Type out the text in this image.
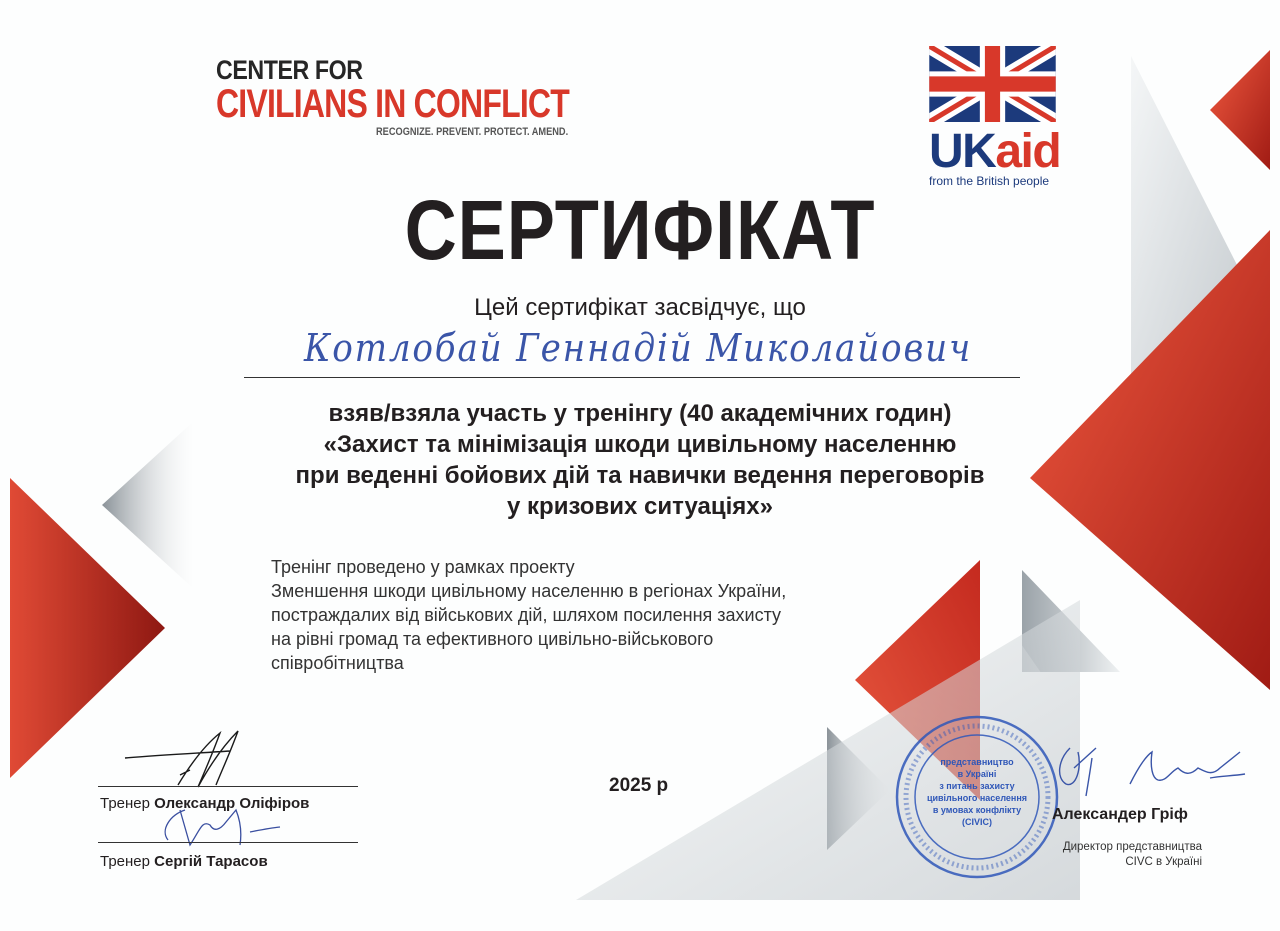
CENTER FOR
CIVILIANS IN CONFLICT
RECOGNIZE. PREVENT. PROTECT. AMEND.	UKaid
from the British people
СЕРТИФІКАТ
Цей сертифікат засвідчує, що
Котлобай Геннадій Миколайович
взяв/взяла участь у тренінгу (40 академічних годин)
«Захист та мінімізація шкоди цивільному населенню
при веденні бойових дій та навички ведення переговорів
у кризових ситуаціях»
Тренінг проведено у рамках проекту
Зменшення шкоди цивільному населенню в регіонах України,
постраждалих від військових дій, шляхом посилення захисту
на рівні громад та ефективного цивільно-військового
співробітництва
2025 р
Тренер Олександр Оліфіров
Тренер Сергій Тарасов
представництво
в Україні
з питань захисту
цивільного населення
в умовах конфлікту
(CIVIC)	Александер Гріф
Директор представництва
СІVС в Україні
